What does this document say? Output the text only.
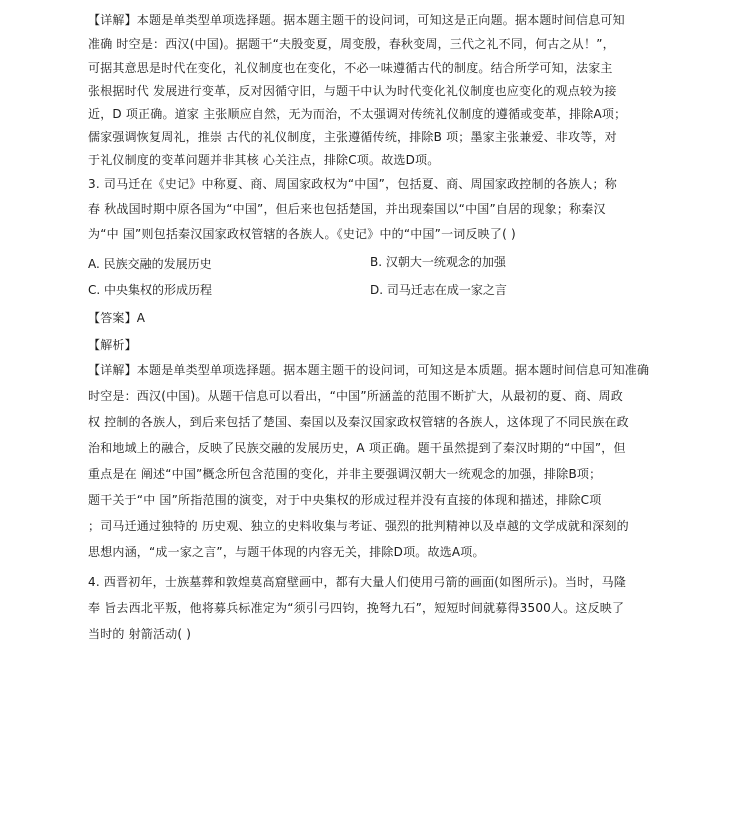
【详解】本题是单类型单项选择题。据本题主题干的设问词，可知这是正向题。据本题时间信息可知
准确 时空是：西汉(中国)。据题干“夫殷变夏，周变殷，春秋变周，三代之礼不同，何古之从！”，
可据其意思是时代在变化，礼仪制度也在变化，不必一味遵循古代的制度。结合所学可知，法家主
张根据时代 发展进行变革，反对因循守旧，与题干中认为时代变化礼仪制度也应变化的观点较为接
近，D 项正确。道家 主张顺应自然，无为而治，不太强调对传统礼仪制度的遵循或变革，排除A项；
儒家强调恢复周礼，推崇 古代的礼仪制度，主张遵循传统，排除B 项；墨家主张兼爱、非攻等，对
于礼仪制度的变革问题并非其核 心关注点，排除C项。故选D项。
3. 司马迁在《史记》中称夏、商、周国家政权为“中国”，包括夏、商、周国家政控制的各族人；称
春 秋战国时期中原各国为“中国”，但后来也包括楚国，并出现秦国以“中国”自居的现象；称秦汉
为“中 国”则包括秦汉国家政权管辖的各族人。《史记》中的“中国”一词反映了( )
A. 民族交融的发展历史	B. 汉朝大一统观念的加强
C. 中央集权的形成历程	D. 司马迁志在成一家之言
【答案】A
【解析】
【详解】本题是单类型单项选择题。据本题主题干的设问词，可知这是本质题。据本题时间信息可知准确
时空是：西汉(中国)。从题干信息可以看出，“中国”所涵盖的范围不断扩大，从最初的夏、商、周政
权 控制的各族人，到后来包括了楚国、秦国以及秦汉国家政权管辖的各族人，这体现了不同民族在政
治和地域上的融合，反映了民族交融的发展历史，A 项正确。题干虽然提到了秦汉时期的“中国”，但
重点是在 阐述“中国”概念所包含范围的变化，并非主要强调汉朝大一统观念的加强，排除B项；
题干关于“中 国”所指范围的演变，对于中央集权的形成过程并没有直接的体现和描述，排除C项
；司马迁通过独特的 历史观、独立的史料收集与考证、强烈的批判精神以及卓越的文学成就和深刻的
思想内涵，“成一家之言”，与题干体现的内容无关，排除D项。故选A项。
4. 西晋初年，士族墓葬和敦煌莫高窟壁画中，都有大量人们使用弓箭的画面(如图所示)。当时，马隆
奉 旨去西北平叛，他将募兵标准定为“须引弓四钧，挽弩九石”，短短时间就募得3500人。这反映了
当时的 射箭活动( )
